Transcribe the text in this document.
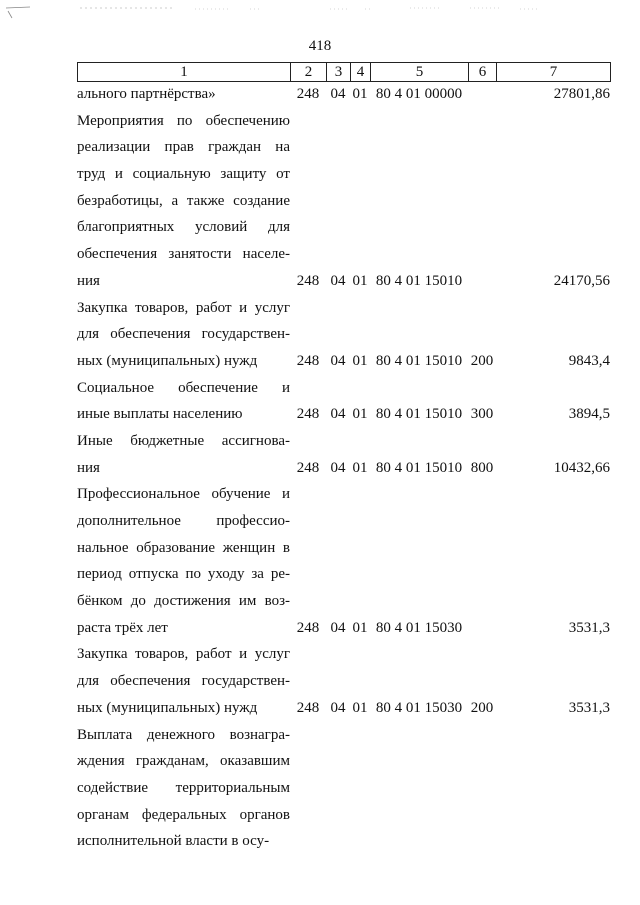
418
1	2	3	4	5	6	7
ального партнёрства»	248 04 01 80 4 01 00000	27801,86
Мероприятия по обеспечению
реализации прав граждан на
труд и социальную защиту от
безработицы, а также создание
благоприятных условий для
обеспечения занятости населе-
ния	248 04 01 80 4 01 15010	24170,56
Закупка товаров, работ и услуг
для обеспечения государствен-
ных (муниципальных) нужд	248 04 01 80 4 01 15010 200	9843,4
Социальное обеспечение и
иные выплаты населению	248 04 01 80 4 01 15010 300	3894,5
Иные бюджетные ассигнова-
ния	248 04 01 80 4 01 15010 800	10432,66
Профессиональное обучение и
дополнительное профессио-
нальное образование женщин в
период отпуска по уходу за ре-
бёнком до достижения им воз-
раста трёх лет	248 04 01 80 4 01 15030	3531,3
Закупка товаров, работ и услуг
для обеспечения государствен-
ных (муниципальных) нужд	248 04 01 80 4 01 15030 200	3531,3
Выплата денежного вознагра-
ждения гражданам, оказавшим
содействие территориальным
органам федеральных органов
исполнительной власти в осу-
